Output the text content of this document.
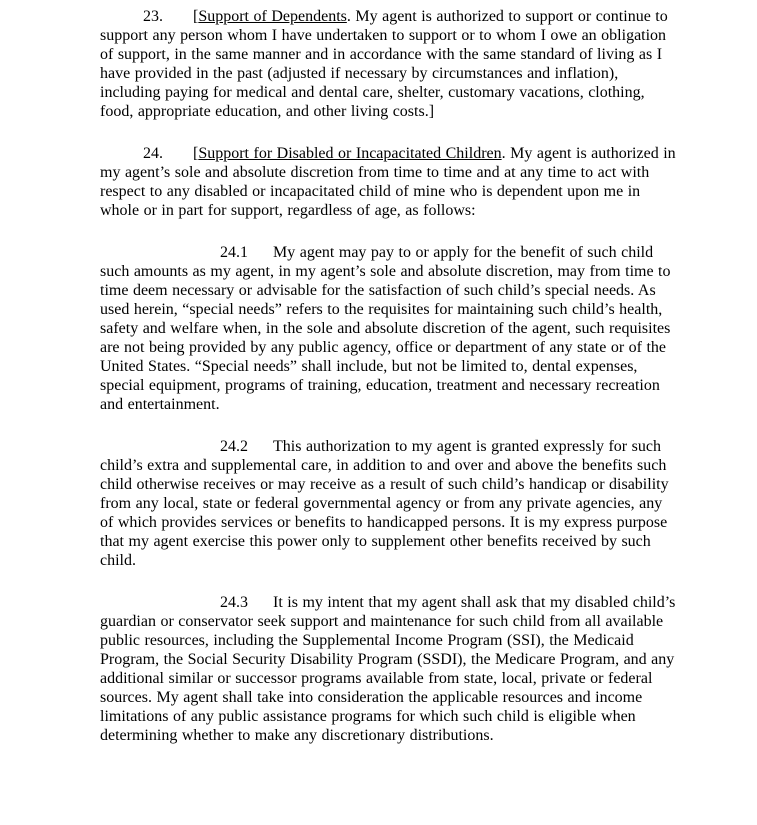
23. [Support of Dependents. My agent is authorized to support or continue to support any person whom I have undertaken to support or to whom I owe an obligation of support, in the same manner and in accordance with the same standard of living as I have provided in the past (adjusted if necessary by circumstances and inflation), including paying for medical and dental care, shelter, customary vacations, clothing, food, appropriate education, and other living costs.]

24. [Support for Disabled or Incapacitated Children. My agent is authorized in my agent’s sole and absolute discretion from time to time and at any time to act with respect to any disabled or incapacitated child of mine who is dependent upon me in whole or in part for support, regardless of age, as follows:

24.1 My agent may pay to or apply for the benefit of such child such amounts as my agent, in my agent’s sole and absolute discretion, may from time to time deem necessary or advisable for the satisfaction of such child’s special needs. As used herein, “special needs” refers to the requisites for maintaining such child’s health, safety and welfare when, in the sole and absolute discretion of the agent, such requisites are not being provided by any public agency, office or department of any state or of the United States. “Special needs” shall include, but not be limited to, dental expenses, special equipment, programs of training, education, treatment and necessary recreation and entertainment.

24.2 This authorization to my agent is granted expressly for such child’s extra and supplemental care, in addition to and over and above the benefits such child otherwise receives or may receive as a result of such child’s handicap or disability from any local, state or federal governmental agency or from any private agencies, any of which provides services or benefits to handicapped persons. It is my express purpose that my agent exercise this power only to supplement other benefits received by such child.

24.3 It is my intent that my agent shall ask that my disabled child’s guardian or conservator seek support and maintenance for such child from all available public resources, including the Supplemental Income Program (SSI), the Medicaid Program, the Social Security Disability Program (SSDI), the Medicare Program, and any additional similar or successor programs available from state, local, private or federal sources. My agent shall take into consideration the applicable resources and income limitations of any public assistance programs for which such child is eligible when determining whether to make any discretionary distributions.
